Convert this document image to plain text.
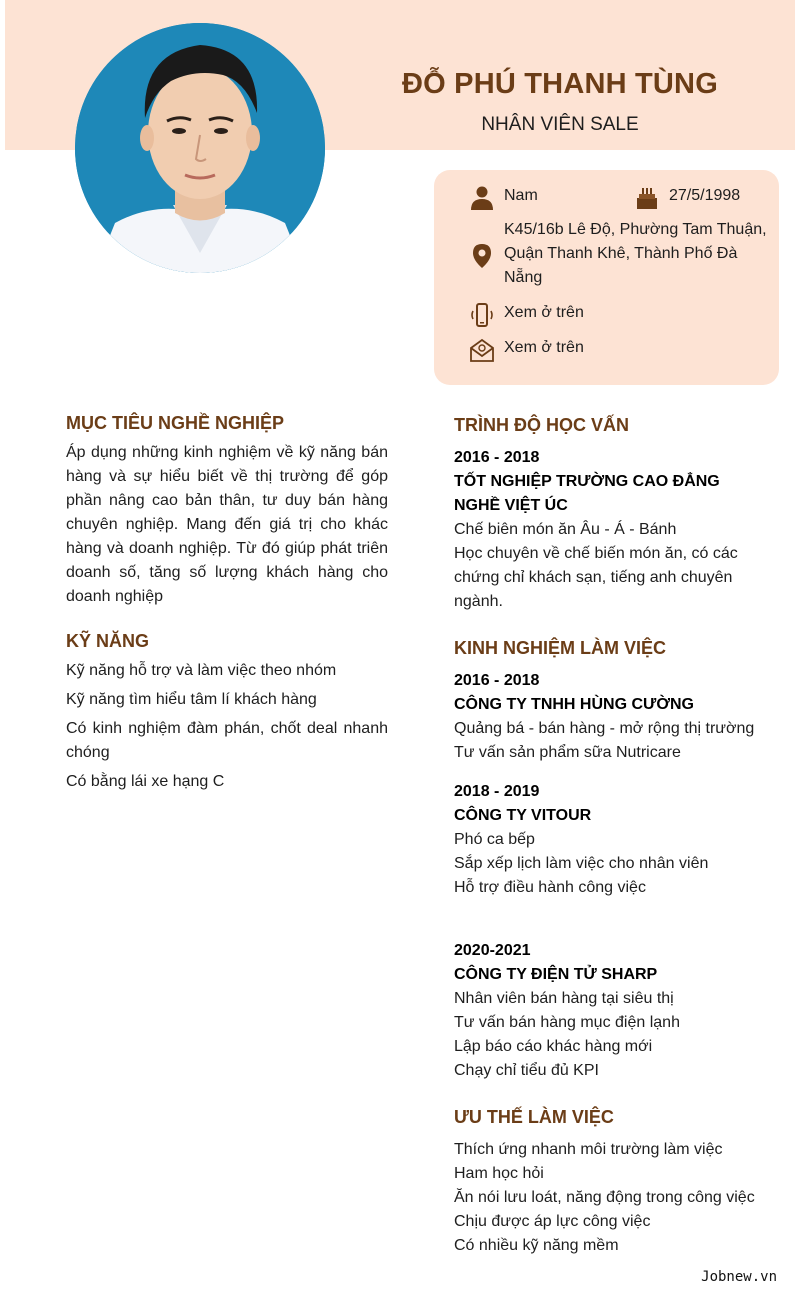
ĐỖ PHÚ THANH TÙNG
NHÂN VIÊN SALE
Nam	27/5/1998
K45/16b Lê Độ, Phường Tam Thuận, Quận Thanh Khê, Thành Phố Đà Nẵng
Xem ở trên
Xem ở trên
MỤC TIÊU NGHỀ NGHIỆP
Áp dụng những kinh nghiệm về kỹ năng bán hàng và sự hiểu biết về thị trường để góp phần nâng cao bản thân, tư duy bán hàng chuyên nghiệp. Mang đến giá trị cho khác hàng và doanh nghiệp. Từ đó giúp phát triên doanh số, tăng số lượng khách hàng cho doanh nghiệp
KỸ NĂNG
Kỹ năng hỗ trợ và làm việc theo nhóm
Kỹ năng tìm hiểu tâm lí khách hàng
Có kinh nghiệm đàm phán, chốt deal nhanh chóng
Có bằng lái xe hạng C
TRÌNH ĐỘ HỌC VẤN
2016 - 2018
TỐT NGHIỆP TRƯỜNG CAO ĐẲNG NGHỀ VIỆT ÚC
Chế biên món ăn Âu - Á - Bánh
Học chuyên về chế biến món ăn, có các chứng chỉ khách sạn, tiếng anh chuyên ngành.
KINH NGHIỆM LÀM VIỆC
2016 - 2018
CÔNG TY TNHH HÙNG CƯỜNG
Quảng bá - bán hàng - mở rộng thị trường
Tư vấn sản phẩm sữa Nutricare
2018 - 2019
CÔNG TY VITOUR
Phó ca bếp
Sắp xếp lịch làm việc cho nhân viên
Hỗ trợ điều hành công việc
2020-2021
CÔNG TY ĐIỆN TỬ SHARP
Nhân viên bán hàng tại siêu thị
Tư vấn bán hàng mục điện lạnh
Lập báo cáo khác hàng mới
Chạy chỉ tiểu đủ KPI
ƯU THẾ LÀM VIỆC
Thích ứng nhanh môi trường làm việc
Ham học hỏi
Ăn nói lưu loát, năng động trong công việc
Chịu được áp lực công việc
Có nhiều kỹ năng mềm
Jobnew.vn
